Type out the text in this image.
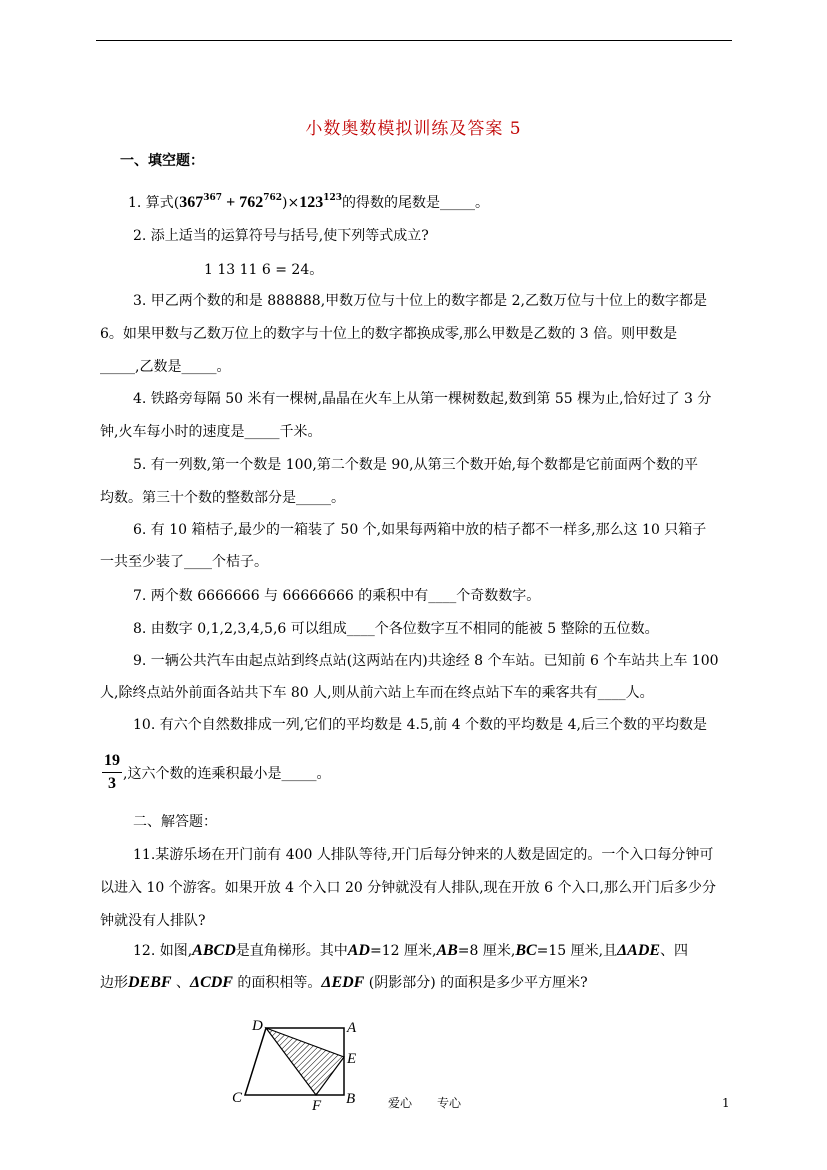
小数奥数模拟训练及答案 5
一、填空题：
1. 算式$(367^{367} + 762^{762})\times 123^{123}$的得数的尾数是_____。
2. 添上适当的运算符号与括号,使下列等式成立?
1 13 11 6 = 24。
3. 甲乙两个数的和是 888888,甲数万位与十位上的数字都是 2,乙数万位与十位上的数字都是
6。如果甲数与乙数万位上的数字与十位上的数字都换成零,那么甲数是乙数的 3 倍。则甲数是
_____,乙数是_____。
4. 铁路旁每隔 50 米有一棵树,晶晶在火车上从第一棵树数起,数到第 55 棵为止,恰好过了 3 分
钟,火车每小时的速度是_____千米。
5. 有一列数,第一个数是 100,第二个数是 90,从第三个数开始,每个数都是它前面两个数的平
均数。第三十个数的整数部分是_____。
6. 有 10 箱桔子,最少的一箱装了 50 个,如果每两箱中放的桔子都不一样多,那么这 10 只箱子
一共至少装了____个桔子。
7. 两个数 6666666 与 66666666 的乘积中有____个奇数数字。
8. 由数字 0,1,2,3,4,5,6 可以组成____个各位数字互不相同的能被 5 整除的五位数。
9. 一辆公共汽车由起点站到终点站(这两站在内)共途经 8 个车站。已知前 6 个车站共上车 100
人,除终点站外前面各站共下车 80 人,则从前六站上车而在终点站下车的乘客共有____人。
10. 有六个自然数排成一列,它们的平均数是 4.5,前 4 个数的平均数是 4,后三个数的平均数是
19
3
,这六个数的连乘积最小是_____。
二、解答题：
11.某游乐场在开门前有 400 人排队等待,开门后每分钟来的人数是固定的。一个入口每分钟可
以进入 10 个游客。如果开放 4 个入口 20 分钟就没有人排队,现在开放 6 个入口,那么开门后多少分
钟就没有人排队?
12. 如图,ABCD是直角梯形。其中AD=12 厘米,AB=8 厘米,BC=15 厘米,且ΔADE、四
边形DEBF 、ΔCDF 的面积相等。ΔEDF (阴影部分) 的面积是多少平方厘米?
D	A
E
C	F B	爱心 专心	1
